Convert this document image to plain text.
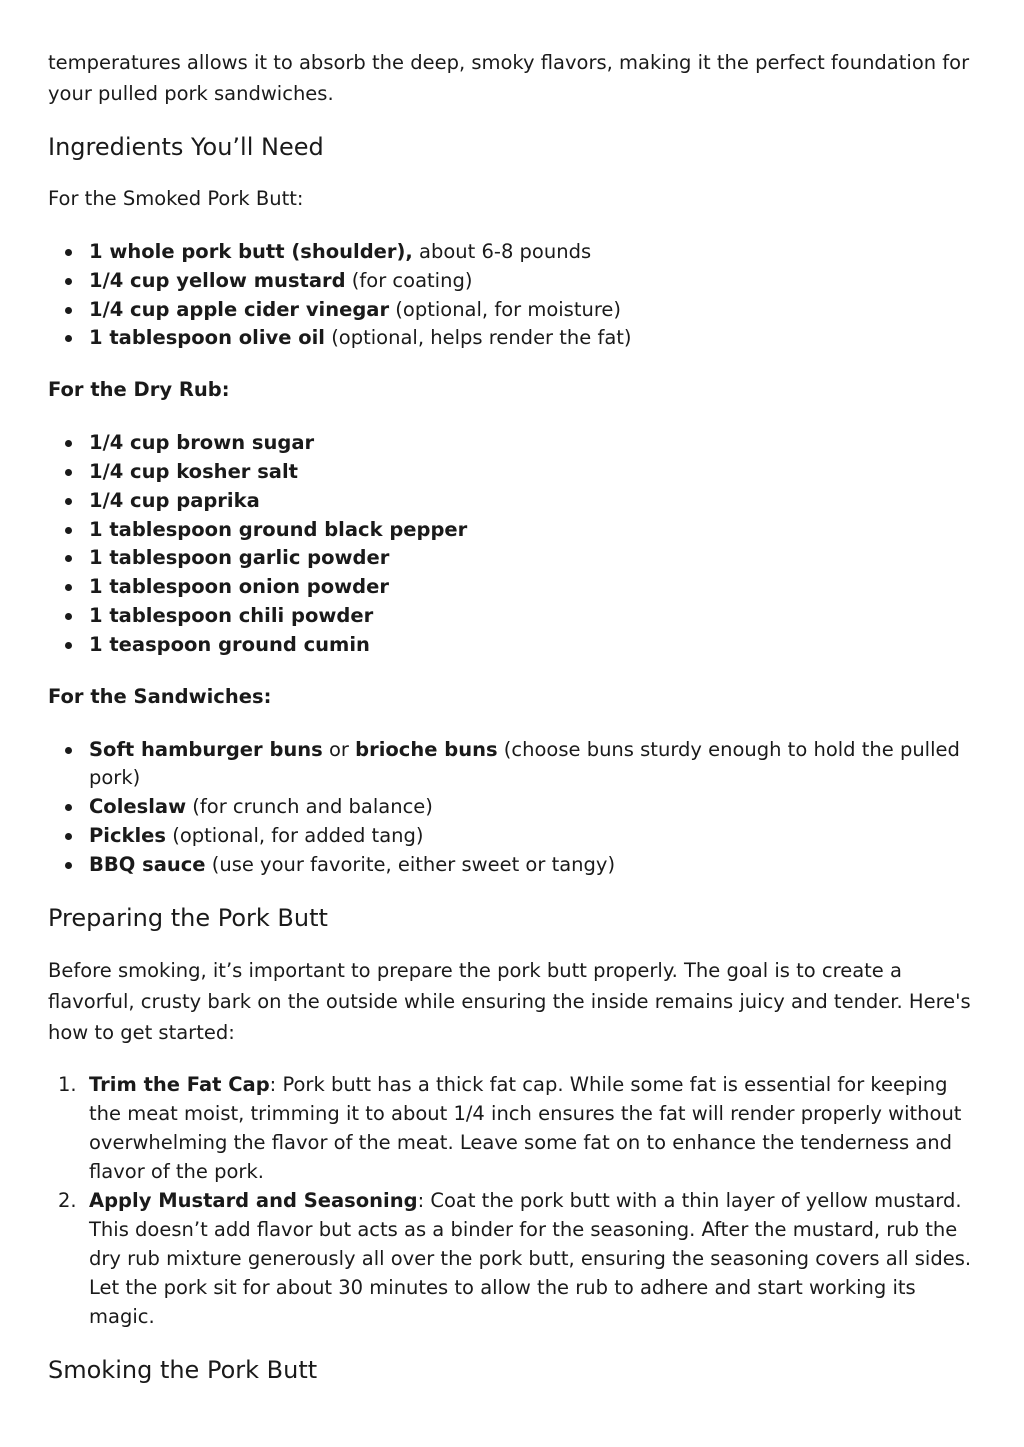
temperatures allows it to absorb the deep, smoky flavors, making it the perfect foundation for your pulled pork sandwiches.

Ingredients You’ll Need

For the Smoked Pork Butt:

1 whole pork butt (shoulder), about 6-8 pounds
1/4 cup yellow mustard (for coating)
1/4 cup apple cider vinegar (optional, for moisture)
1 tablespoon olive oil (optional, helps render the fat)

For the Dry Rub:

1/4 cup brown sugar
1/4 cup kosher salt
1/4 cup paprika
1 tablespoon ground black pepper
1 tablespoon garlic powder
1 tablespoon onion powder
1 tablespoon chili powder
1 teaspoon ground cumin

For the Sandwiches:

Soft hamburger buns or brioche buns (choose buns sturdy enough to hold the pulled pork)
Coleslaw (for crunch and balance)
Pickles (optional, for added tang)
BBQ sauce (use your favorite, either sweet or tangy)
Preparing the Pork Butt

Before smoking, it’s important to prepare the pork butt properly. The goal is to create a flavorful, crusty bark on the outside while ensuring the inside remains juicy and tender. Here's how to get started:

1. Trim the Fat Cap: Pork butt has a thick fat cap. While some fat is essential for keeping the meat moist, trimming it to about 1/4 inch ensures the fat will render properly without overwhelming the flavor of the meat. Leave some fat on to enhance the tenderness and flavor of the pork.
2. Apply Mustard and Seasoning: Coat the pork butt with a thin layer of yellow mustard. This doesn’t add flavor but acts as a binder for the seasoning. After the mustard, rub the dry rub mixture generously all over the pork butt, ensuring the seasoning covers all sides. Let the pork sit for about 30 minutes to allow the rub to adhere and start working its magic.
Smoking the Pork Butt
